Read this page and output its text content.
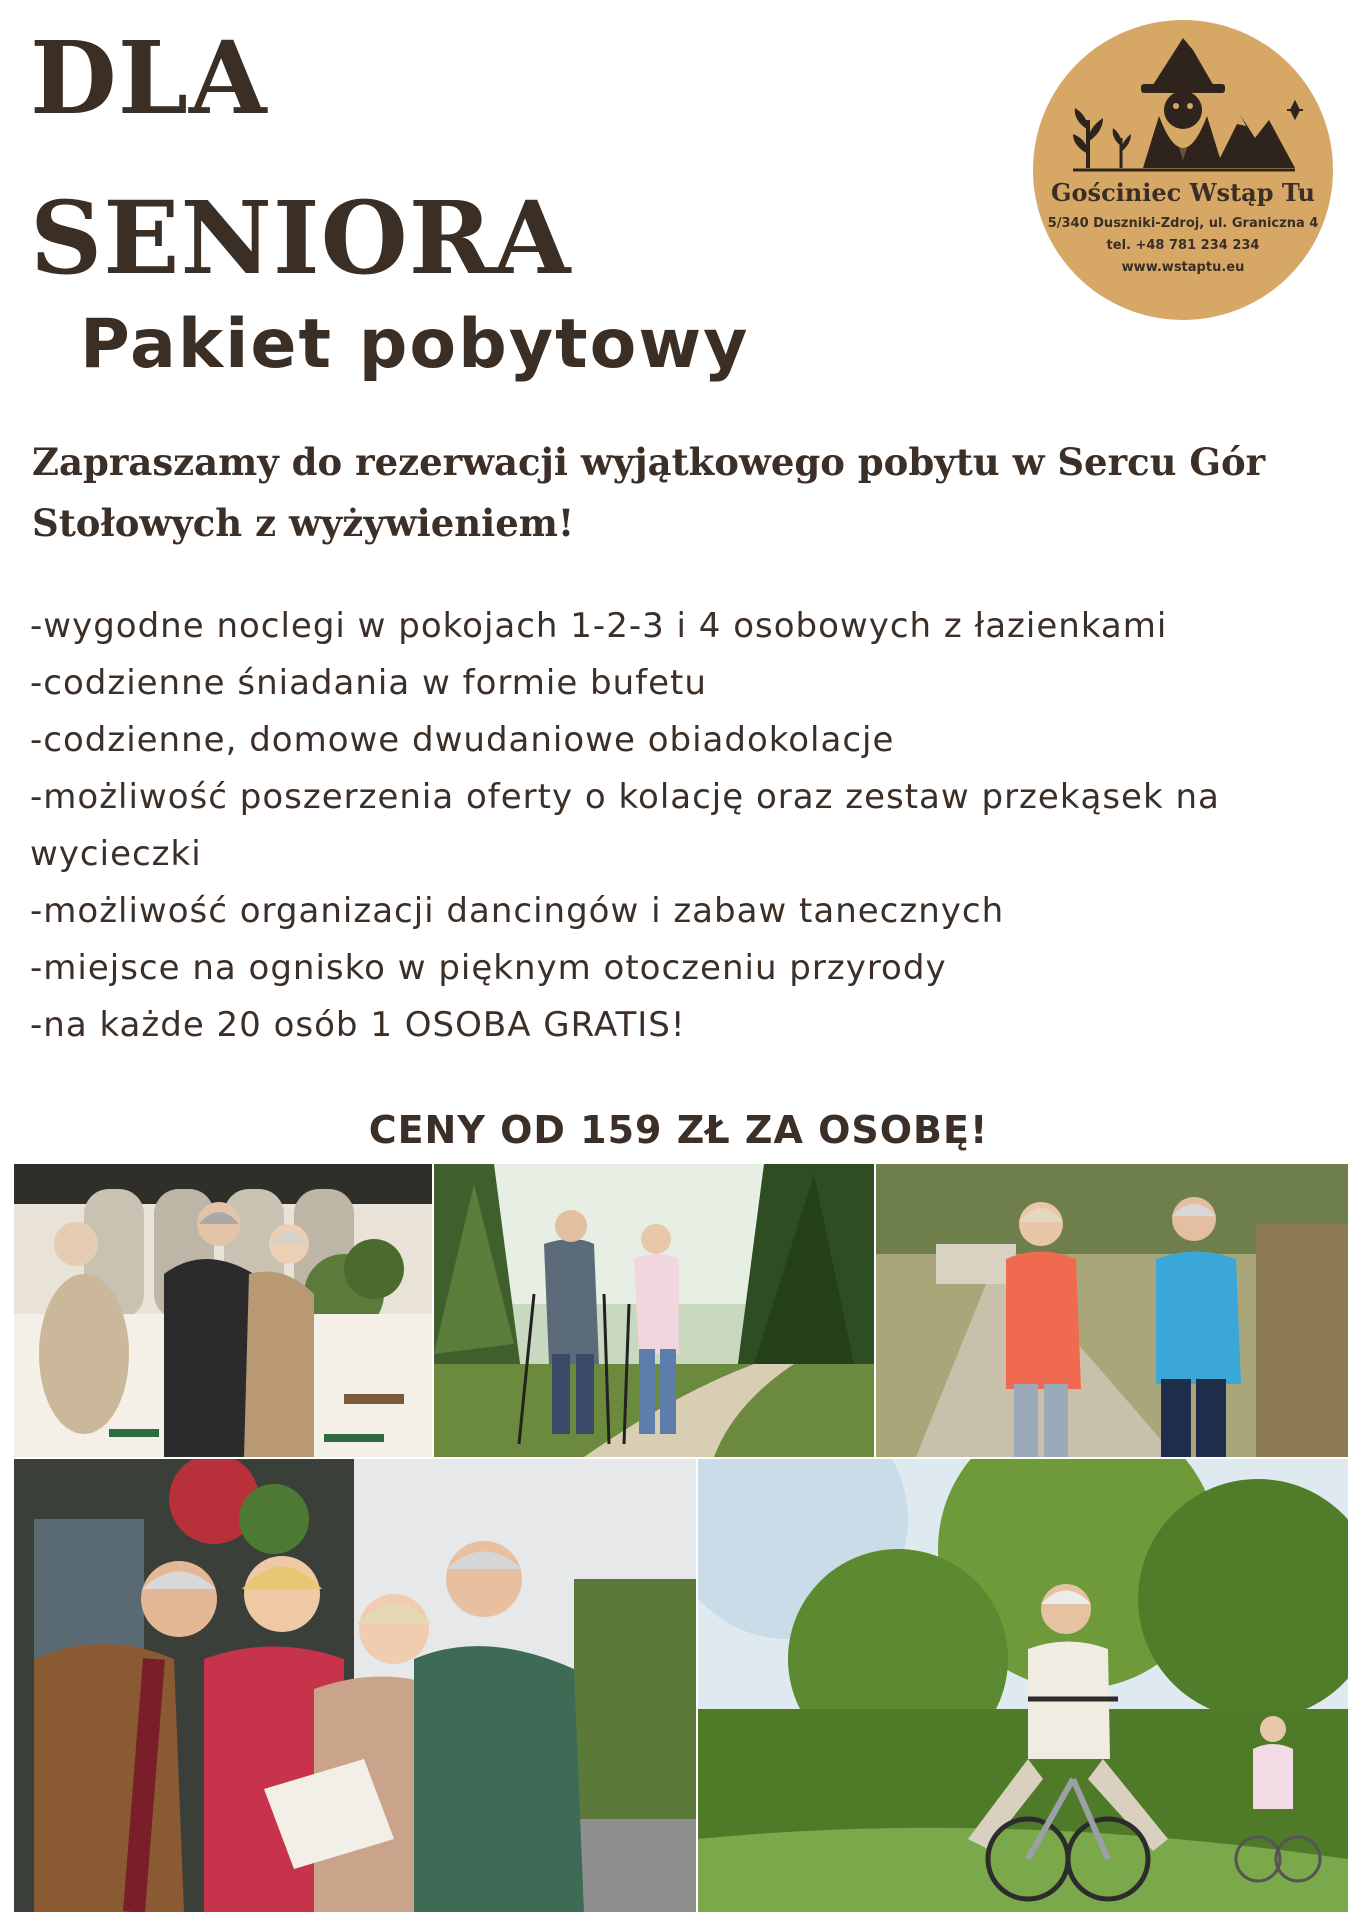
DLA
SENIORA
Pakiet pobytowy
Gościniec Wstąp Tu
5/340 Duszniki-Zdroj, ul. Graniczna 4
tel. +48 781 234 234
www.wstaptu.eu

Zapraszamy do rezerwacji wyjątkowego pobytu w Sercu Gór Stołowych z wyżywieniem!

-wygodne noclegi w pokojach 1-2-3 i 4 osobowych z łazienkami
-codzienne śniadania w formie bufetu
-codzienne, domowe dwudaniowe obiadokolacje
-możliwość poszerzenia oferty o kolację oraz zestaw przekąsek na wycieczki
-możliwość organizacji dancingów i zabaw tanecznych
-miejsce na ognisko w pięknym otoczeniu przyrody
-na każde 20 osób 1 OSOBA GRATIS!

CENY OD 159 ZŁ ZA OSOBĘ!
